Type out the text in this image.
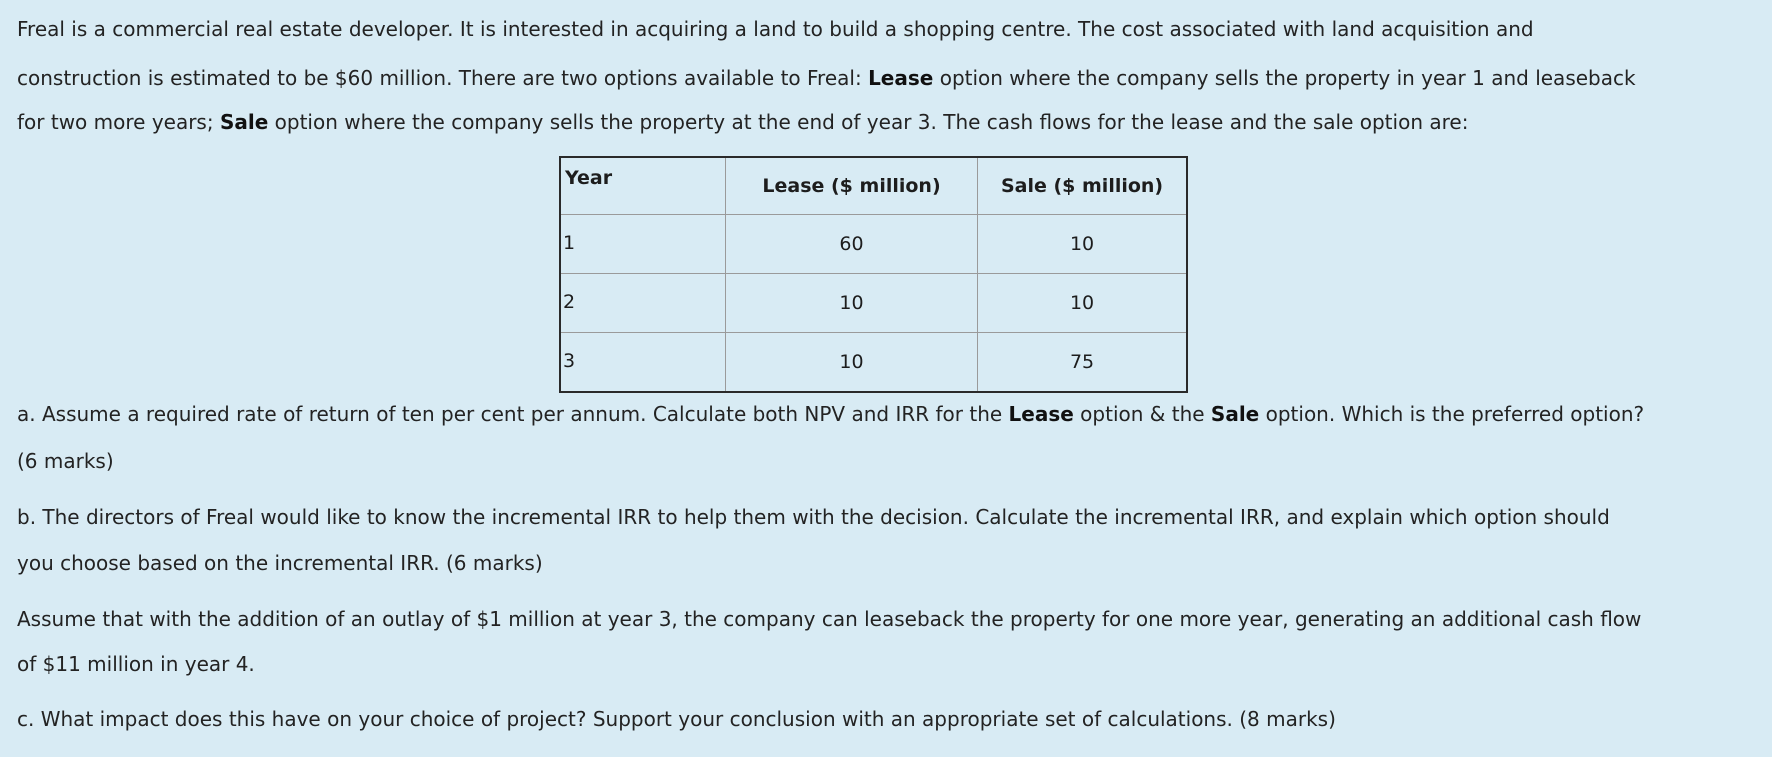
Freal is a commercial real estate developer. It is interested in acquiring a land to build a shopping centre. The cost associated with land acquisition and
construction is estimated to be $60 million. There are two options available to Freal: Lease option where the company sells the property in year 1 and leaseback
for two more years; Sale option where the company sells the property at the end of year 3. The cash flows for the lease and the sale option are:
Year	Lease ($ million)	Sale ($ million)
1	60	10
2	10	10
3	10	75
a. Assume a required rate of return of ten per cent per annum. Calculate both NPV and IRR for the Lease option & the Sale option. Which is the preferred option?
(6 marks)
b. The directors of Freal would like to know the incremental IRR to help them with the decision. Calculate the incremental IRR, and explain which option should
you choose based on the incremental IRR. (6 marks)
Assume that with the addition of an outlay of $1 million at year 3, the company can leaseback the property for one more year, generating an additional cash flow
of $11 million in year 4.
c. What impact does this have on your choice of project? Support your conclusion with an appropriate set of calculations. (8 marks)
